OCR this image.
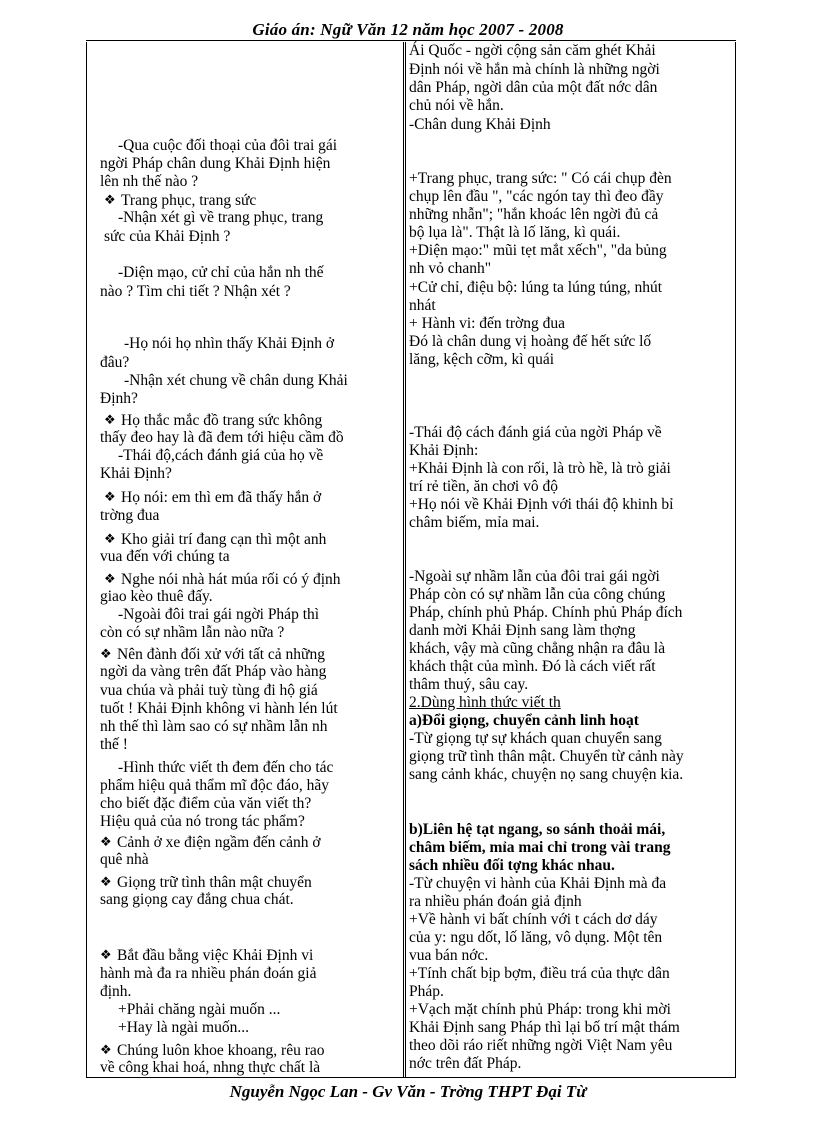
Giáo án: Ngữ Văn 12 năm học 2007 - 2008
-Qua cuộc đối thoại của đôi trai gái
ngời Pháp chân dung Khải Định hiện
lên nh thế nào ?
❖ Trang phục, trang sức
-Nhận xét gì về trang phục, trang
sức của Khải Định ?
-Diện mạo, cử chỉ của hắn nh thế
nào ? Tìm chi tiết ? Nhận xét ?
-Họ nói họ nhìn thấy Khải Định ở
đâu?
-Nhận xét chung về chân dung Khải
Định?
❖ Họ thắc mắc đồ trang sức không
thấy đeo hay là đã đem tới hiệu cầm đồ
-Thái độ,cách đánh giá của họ về
Khải Định?
❖ Họ nói: em thì em đã thấy hắn ở
trờng đua
❖ Kho giải trí đang cạn thì một anh
vua đến với chúng ta
❖ Nghe nói nhà hát múa rối có ý định
giao kèo thuê đấy.
-Ngoài đôi trai gái ngời Pháp thì
còn có sự nhầm lẫn nào nữa ?
❖ Nên đành đối xử với tất cả những
ngời da vàng trên đất Pháp vào hàng
vua chúa và phải tuỳ tùng đi hộ giá
tuốt ! Khải Định không vi hành lén lút
nh thế thì làm sao có sự nhầm lẫn nh
thế !
-Hình thức viết th đem đến cho tác
phẩm hiệu quả thẩm mĩ độc đáo, hãy
cho biết đặc điểm của văn viết th?
Hiệu quả của nó trong tác phẩm?
❖ Cảnh ở xe điện ngầm đến cảnh ở
quê nhà
❖ Giọng trữ tình thân mật chuyển
sang giọng cay đắng chua chát.
❖ Bắt đầu bằng việc Khải Định vi
hành mà đa ra nhiều phán đoán giả
định.
+Phải chăng ngài muốn ...
+Hay là ngài muốn...
❖ Chúng luôn khoe khoang, rêu rao
về công khai hoá, nhng thực chất là
Ái Quốc - ngời cộng sản căm ghét Khải
Định nói về hắn mà chính là những ngời
dân Pháp, ngời dân của một đất nớc dân
chủ nói về hắn.
-Chân dung Khải Định
+Trang phục, trang sức: " Có cái chụp đèn
chụp lên đầu ", "các ngón tay thì đeo đầy
những nhẫn"; "hắn khoác lên ngời đủ cả
bộ lụa là". Thật là lố lăng, kì quái.
+Diện mạo:" mũi tẹt mắt xếch", "da bủng
nh vỏ chanh"
+Cử chỉ, điệu bộ: lúng ta lúng túng, nhút
nhát
+ Hành vi: đến trờng đua
Đó là chân dung vị hoàng đế hết sức lố
lăng, kệch cỡm, kì quái
-Thái độ cách đánh giá của ngời Pháp về
Khải Định:
+Khải Định là con rối, là trò hề, là trò giải
trí rẻ tiền, ăn chơi vô độ
+Họ nói về Khải Định với thái độ khinh bỉ
châm biếm, mỉa mai.
-Ngoài sự nhầm lẫn của đôi trai gái ngời
Pháp còn có sự nhầm lẫn của công chúng
Pháp, chính phủ Pháp. Chính phủ Pháp đích
danh mời Khải Định sang làm thợng
khách, vậy mà cũng chẳng nhận ra đâu là
khách thật của mình. Đó là cách viết rất
thâm thuý, sâu cay.
2.Dùng hình thức viết th
a)Đổi giọng, chuyển cảnh linh hoạt
-Từ giọng tự sự khách quan chuyển sang
giọng trữ tình thân mật. Chuyển từ cảnh này
sang cảnh khác, chuyện nọ sang chuyện kia.
b)Liên hệ tạt ngang, so sánh thoải mái,
châm biếm, mỉa mai chỉ trong vài trang
sách nhiều đối tợng khác nhau.
-Từ chuyện vi hành của Khải Định mà đa
ra nhiều phán đoán giả định
+Về hành vi bất chính với t cách dơ dáy
của y: ngu dốt, lố lăng, vô dụng. Một tên
vua bán nớc.
+Tính chất bịp bợm, điều trá của thực dân
Pháp.
+Vạch mặt chính phủ Pháp: trong khi mời
Khải Định sang Pháp thì lại bố trí mật thám
theo dõi ráo riết những ngời Việt Nam yêu
nớc trên đất Pháp.
Nguyễn Ngọc Lan - Gv Văn - Trờng THPT Đại Từ
